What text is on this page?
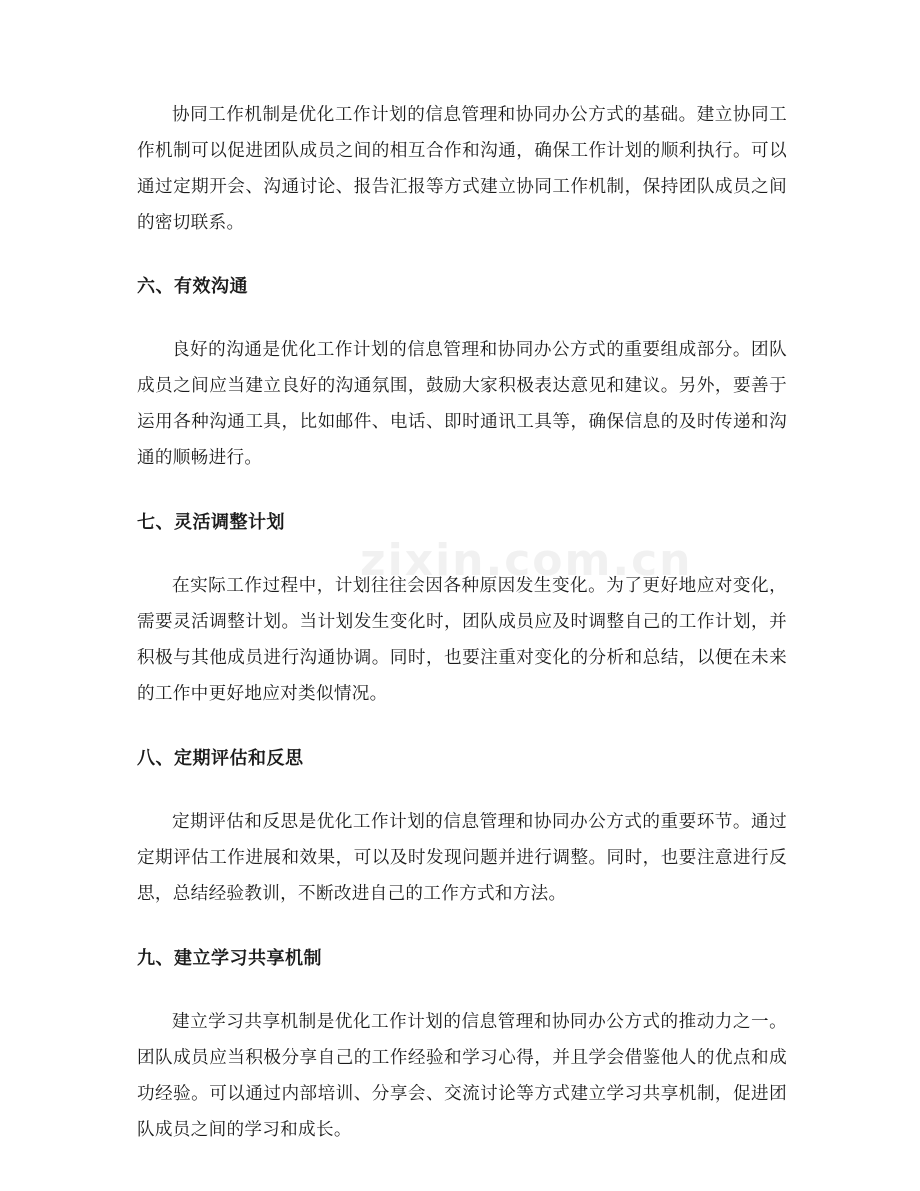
协同工作机制是优化工作计划的信息管理和协同办公方式的基础。建立协同工作机制可以促进团队成员之间的相互合作和沟通，确保工作计划的顺利执行。可以通过定期开会、沟通讨论、报告汇报等方式建立协同工作机制，保持团队成员之间的密切联系。

六、有效沟通

良好的沟通是优化工作计划的信息管理和协同办公方式的重要组成部分。团队成员之间应当建立良好的沟通氛围，鼓励大家积极表达意见和建议。另外，要善于运用各种沟通工具，比如邮件、电话、即时通讯工具等，确保信息的及时传递和沟通的顺畅进行。

七、灵活调整计划

在实际工作过程中，计划往往会因各种原因发生变化。为了更好地应对变化，需要灵活调整计划。当计划发生变化时，团队成员应及时调整自己的工作计划，并积极与其他成员进行沟通协调。同时，也要注重对变化的分析和总结，以便在未来的工作中更好地应对类似情况。

八、定期评估和反思

定期评估和反思是优化工作计划的信息管理和协同办公方式的重要环节。通过定期评估工作进展和效果，可以及时发现问题并进行调整。同时，也要注意进行反思，总结经验教训，不断改进自己的工作方式和方法。

九、建立学习共享机制

建立学习共享机制是优化工作计划的信息管理和协同办公方式的推动力之一。团队成员应当积极分享自己的工作经验和学习心得，并且学会借鉴他人的优点和成功经验。可以通过内部培训、分享会、交流讨论等方式建立学习共享机制，促进团队成员之间的学习和成长。

zixin.com.cn
